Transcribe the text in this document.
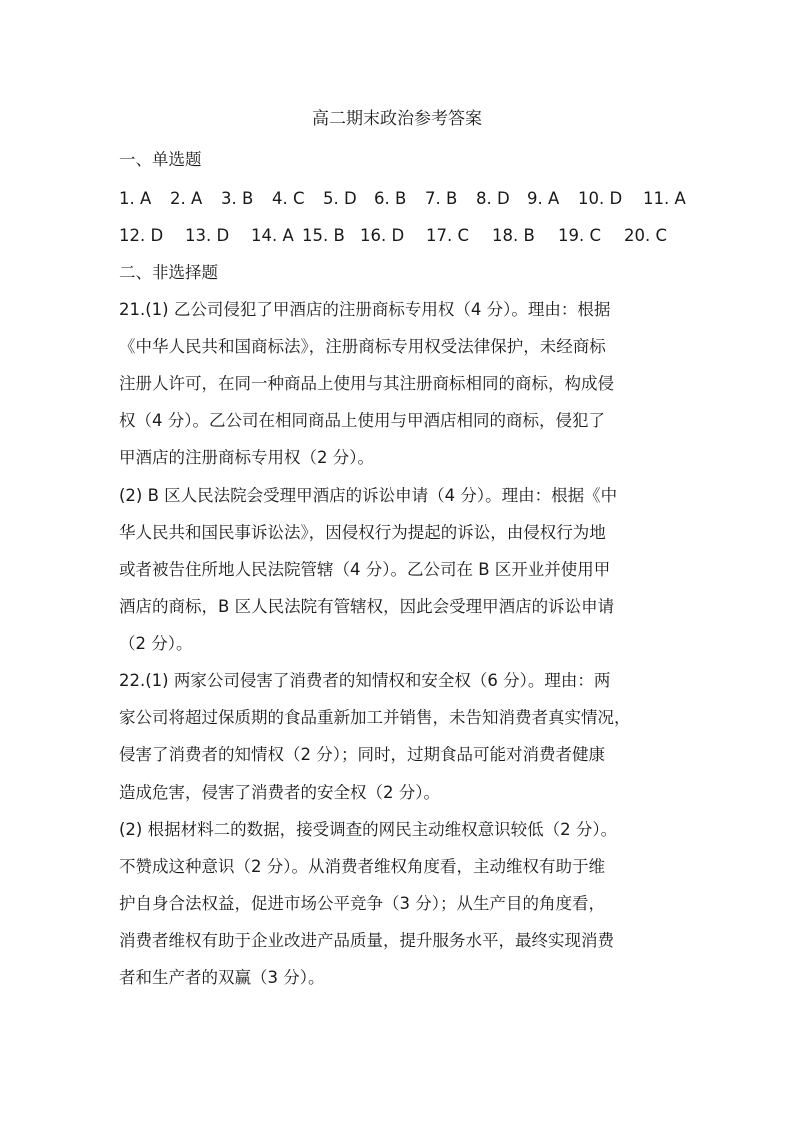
高二期末政治参考答案
一、单选题
1. A 2. A 3. B 4. C 5. D 6. B 7. B 8. D 9. A 10. D 11. A
12. D 13. D 14. A 15. B 16. D 17. C 18. B 19. C 20. C
二、非选择题
21.(1) 乙公司侵犯了甲酒店的注册商标专用权（4 分）。理由：根据
《中华人民共和国商标法》，注册商标专用权受法律保护，未经商标
注册人许可，在同一种商品上使用与其注册商标相同的商标，构成侵
权（4 分）。乙公司在相同商品上使用与甲酒店相同的商标，侵犯了
甲酒店的注册商标专用权（2 分）。
(2) B 区人民法院会受理甲酒店的诉讼申请（4 分）。理由：根据《中
华人民共和国民事诉讼法》，因侵权行为提起的诉讼，由侵权行为地
或者被告住所地人民法院管辖（4 分）。乙公司在 B 区开业并使用甲
酒店的商标，B 区人民法院有管辖权，因此会受理甲酒店的诉讼申请
（2 分）。
22.(1) 两家公司侵害了消费者的知情权和安全权（6 分）。理由：两
家公司将超过保质期的食品重新加工并销售，未告知消费者真实情况，
侵害了消费者的知情权（2 分）；同时，过期食品可能对消费者健康
造成危害，侵害了消费者的安全权（2 分）。
(2) 根据材料二的数据，接受调查的网民主动维权意识较低（2 分）。
不赞成这种意识（2 分）。从消费者维权角度看，主动维权有助于维
护自身合法权益，促进市场公平竞争（3 分）；从生产目的角度看，
消费者维权有助于企业改进产品质量，提升服务水平，最终实现消费
者和生产者的双赢（3 分）。
